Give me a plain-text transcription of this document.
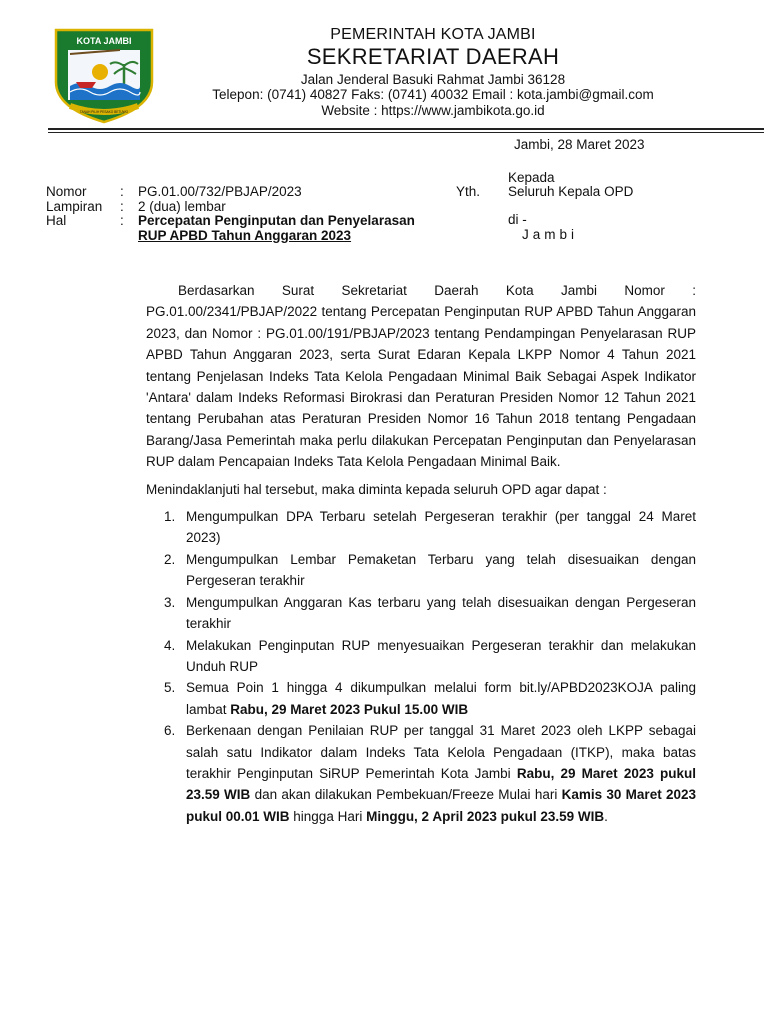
KOTA JAMBI
TANAH PILIH PESAKO BETUWO
PEMERINTAH KOTA JAMBI
SEKRETARIAT DAERAH
Jalan Jenderal Basuki Rahmat Jambi 36128
Telepon: (0741) 40827 Faks: (0741) 40032 Email : kota.jambi@gmail.com
Website : https://www.jambikota.go.id
Jambi, 28 Maret 2023
Kepada
Yth. Seluruh Kepala OPD
di -
Jambi
Nomor : PG.01.00/732/PBJAP/2023
Lampiran : 2 (dua) lembar
Hal	: Percepatan Penginputan dan Penyelarasan
RUP APBD Tahun Anggaran 2023

Berdasarkan Surat Sekretariat Daerah Kota Jambi Nomor : PG.01.00/2341/PBJAP/2022 tentang Percepatan Penginputan RUP APBD Tahun Anggaran 2023, dan Nomor : PG.01.00/191/PBJAP/2023 tentang Pendampingan Penyelarasan RUP APBD Tahun Anggaran 2023, serta Surat Edaran Kepala LKPP Nomor 4 Tahun 2021 tentang Penjelasan Indeks Tata Kelola Pengadaan Minimal Baik Sebagai Aspek Indikator 'Antara' dalam Indeks Reformasi Birokrasi dan Peraturan Presiden Nomor 12 Tahun 2021 tentang Perubahan atas Peraturan Presiden Nomor 16 Tahun 2018 tentang Pengadaan Barang/Jasa Pemerintah maka perlu dilakukan Percepatan Penginputan dan Penyelarasan RUP dalam Pencapaian Indeks Tata Kelola Pengadaan Minimal Baik.

Menindaklanjuti hal tersebut, maka diminta kepada seluruh OPD agar dapat :

1. Mengumpulkan DPA Terbaru setelah Pergeseran terakhir (per tanggal 24 Maret 2023)
2. Mengumpulkan Lembar Pemaketan Terbaru yang telah disesuaikan dengan Pergeseran terakhir
3. Mengumpulkan Anggaran Kas terbaru yang telah disesuaikan dengan Pergeseran terakhir
4. Melakukan Penginputan RUP menyesuaikan Pergeseran terakhir dan melakukan Unduh RUP
5. Semua Poin 1 hingga 4 dikumpulkan melalui form bit.ly/APBD2023KOJA paling lambat Rabu, 29 Maret 2023 Pukul 15.00 WIB
6. Berkenaan dengan Penilaian RUP per tanggal 31 Maret 2023 oleh LKPP sebagai salah satu Indikator dalam Indeks Tata Kelola Pengadaan (ITKP), maka batas terakhir Penginputan SiRUP Pemerintah Kota Jambi Rabu, 29 Maret 2023 pukul 23.59 WIB dan akan dilakukan Pembekuan/Freeze Mulai hari Kamis 30 Maret 2023 pukul 00.01 WIB hingga Hari Minggu, 2 April 2023 pukul 23.59 WIB.
